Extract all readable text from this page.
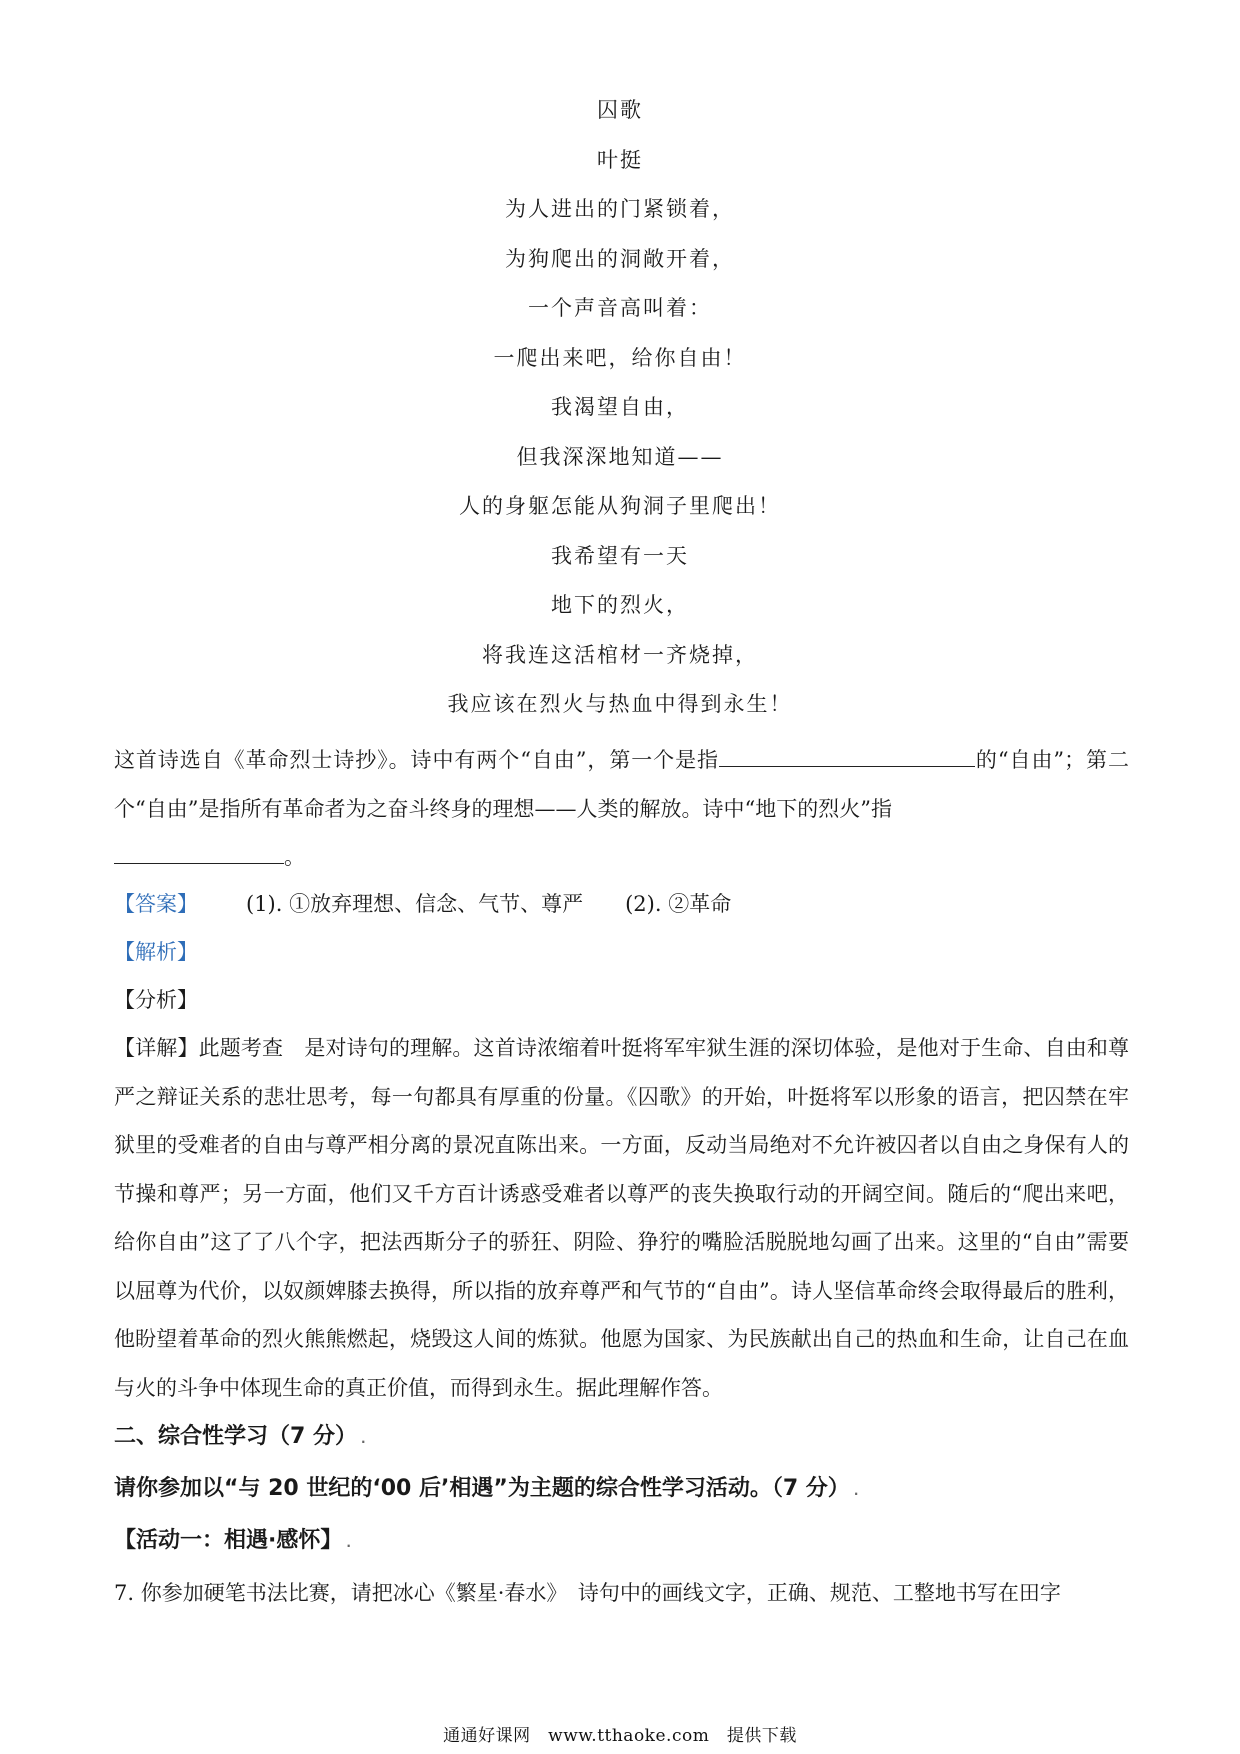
囚歌
叶挺
为人进出的门紧锁着，
为狗爬出的洞敞开着，
一个声音高叫着：
一爬出来吧，给你自由！
我渴望自由，
但我深深地知道——
人的身躯怎能从狗洞子里爬出！
我希望有一天
地下的烈火，
将我连这活棺材一齐烧掉，
我应该在烈火与热血中得到永生！
这首诗选自《革命烈士诗抄》。诗中有两个“自由”，第一个是指	的“自由”；第二个“自由”是指所有革命者为之奋斗终身的理想——人类的解放。诗中“地下的烈火”指
。
【答案】 (1). ①放弃理想、信念、气节、尊严 (2). ②革命
【解析】
【分析】
【详解】此题考查　是对诗句的理解。这首诗浓缩着叶挺将军牢狱生涯的深切体验，是他对于生命、自由和尊严之辩证关系的悲壮思考，每一句都具有厚重的份量。《囚歌》的开始，叶挺将军以形象的语言，把囚禁在牢狱里的受难者的自由与尊严相分离的景况直陈出来。一方面，反动当局绝对不允许被囚者以自由之身保有人的节操和尊严；另一方面，他们又千方百计诱惑受难者以尊严的丧失换取行动的开阔空间。随后的“爬出来吧，给你自由”这了了八个字，把法西斯分子的骄狂、阴险、狰狞的嘴脸活脱脱地勾画了出来。这里的“自由”需要以屈尊为代价，以奴颜婢膝去换得，所以指的放弃尊严和气节的“自由”。诗人坚信革命终会取得最后的胜利，他盼望着革命的烈火熊熊燃起，烧毁这人间的炼狱。他愿为国家、为民族献出自己的热血和生命，让自己在血与火的斗争中体现生命的真正价值，而得到永生。据此理解作答。
二、综合性学习（7 分） .
请你参加以“与 20 世纪的‘00 后’相遇”为主题的综合性学习活动。（7 分） .
【活动一：相遇·感怀】 .
7. 你参加硬笔书法比赛，请把冰心《繁星·春水》　诗句中的画线文字，正确、规范、工整地书写在田字
通通好课网　www.tthaoke.com　提供下载
